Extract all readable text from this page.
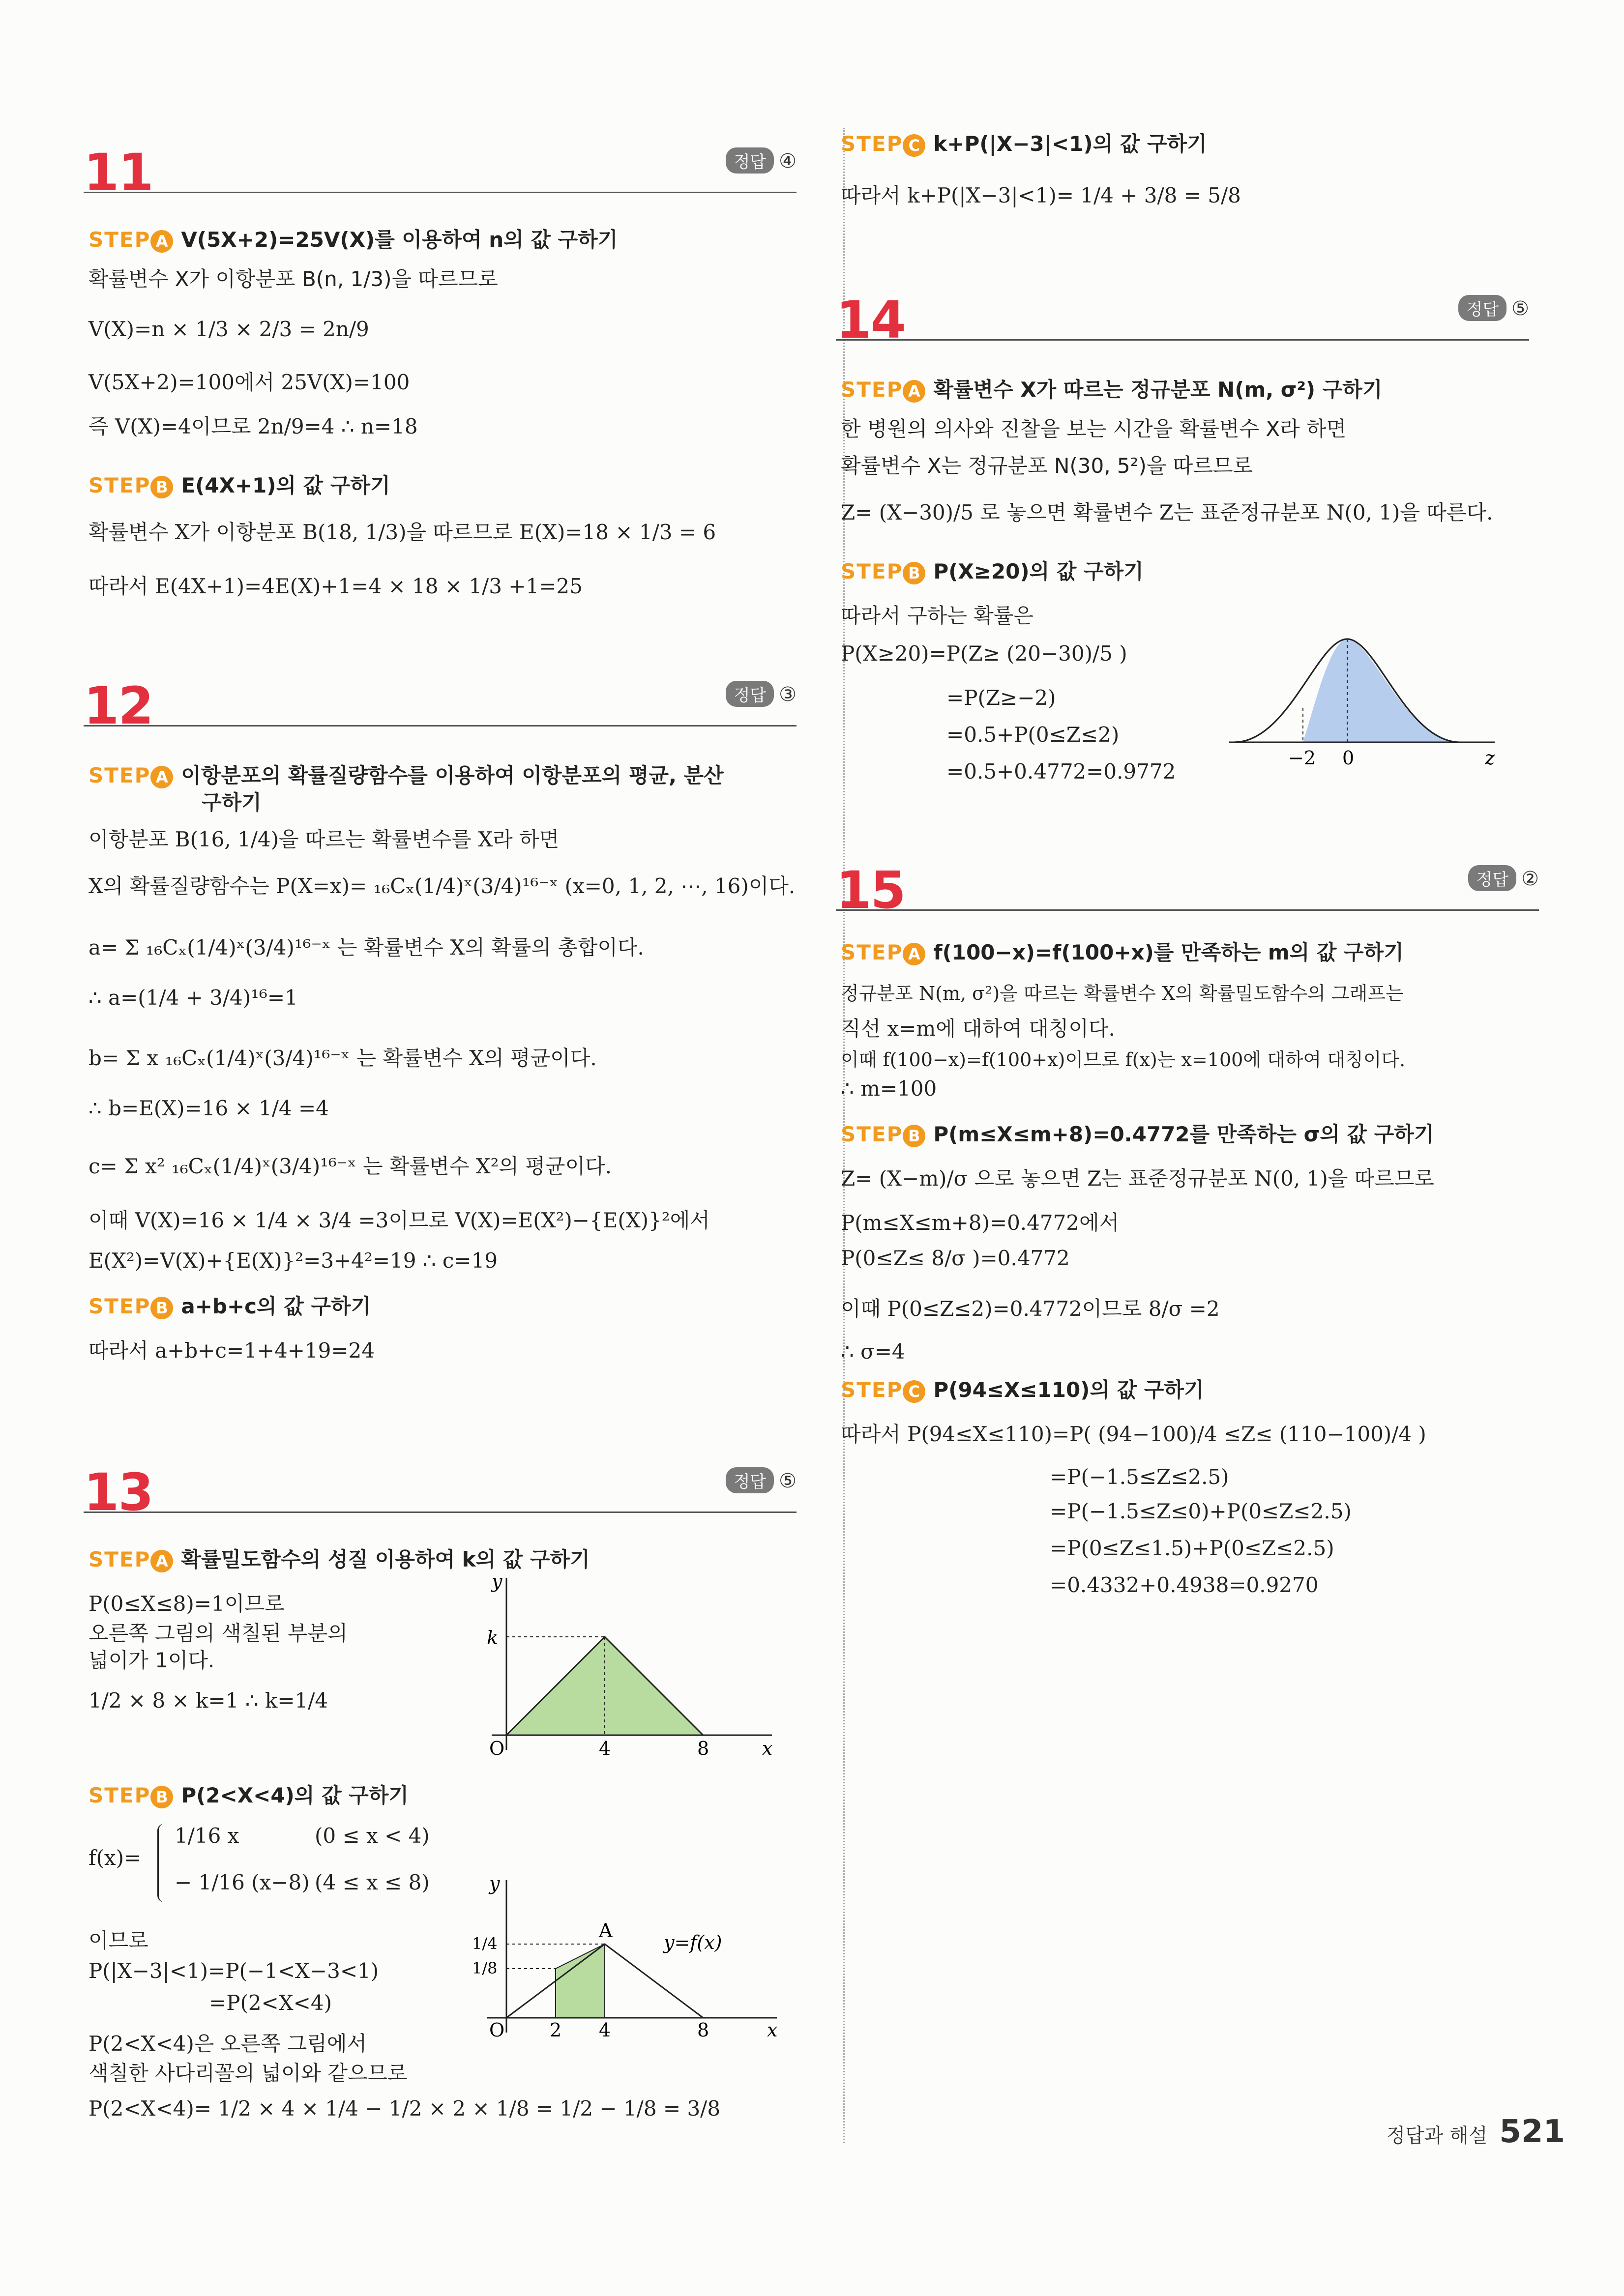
11	정답 ④
STEP A V(5X+2)=25V(X)를 이용하여 n의 값 구하기
확률변수 X가 이항분포 B(n, 1/3)을 따르므로
V(X)=n × 1/3 × 2/3 = 2n/9
V(5X+2)=100에서 25V(X)=100
즉 V(X)=4이므로 2n/9=4 ∴ n=18
STEP B E(4X+1)의 값 구하기
확률변수 X가 이항분포 B(18, 1/3)을 따르므로 E(X)=18 × 1/3 = 6
따라서 E(4X+1)=4E(X)+1=4 × 18 × 1/3 +1=25
12	정답 ③
STEP A 이항분포의 확률질량함수를 이용하여 이항분포의 평균, 분산
구하기
이항분포 B(16, 1/4)을 따르는 확률변수를 X라 하면
X의 확률질량함수는 P(X=x)= ₁₆Cₓ(1/4)ˣ(3/4)¹⁶⁻ˣ (x=0, 1, 2, ⋯, 16)이다.
a= Σ ₁₆Cₓ(1/4)ˣ(3/4)¹⁶⁻ˣ 는 확률변수 X의 확률의 총합이다.
∴ a=(1/4 + 3/4)¹⁶=1
b= Σ x ₁₆Cₓ(1/4)ˣ(3/4)¹⁶⁻ˣ 는 확률변수 X의 평균이다.
∴ b=E(X)=16 × 1/4 =4
c= Σ x² ₁₆Cₓ(1/4)ˣ(3/4)¹⁶⁻ˣ 는 확률변수 X²의 평균이다.
이때 V(X)=16 × 1/4 × 3/4 =3이므로 V(X)=E(X²)−{E(X)}²에서
E(X²)=V(X)+{E(X)}²=3+4²=19 ∴ c=19
STEP B a+b+c의 값 구하기
따라서 a+b+c=1+4+19=24
13	정답 ⑤
STEP A 확률밀도함수의 성질 이용하여 k의 값 구하기
P(0≤X≤8)=1이므로
오른쪽 그림의 색칠된 부분의
넓이가 1이다.
1/2 × 8 × k=1 ∴ k=1/4
y
k
O	4	8	x
STEP B P(2<X<4)의 값 구하기
f(x)=
1/16 x	(0 ≤ x < 4)
− 1/16 (x−8) (4 ≤ x ≤ 8)
이므로
P(|X−3|<1)=P(−1<X−3<1)
=P(2<X<4)
P(2<X<4)은 오른쪽 그림에서
색칠한 사다리꼴의 넓이와 같으므로
P(2<X<4)= 1/2 × 4 × 1/4 − 1/2 × 2 × 1/8 = 1/2 − 1/8 = 3/8
y
1/4
1/8
O 2 4	8	x
A
y=f(x)
STEP C k+P(|X−3|<1)의 값 구하기
따라서 k+P(|X−3|<1)= 1/4 + 3/8 = 5/8
14	정답 ⑤
STEP A 확률변수 X가 따르는 정규분포 N(m, σ²) 구하기
한 병원의 의사와 진찰을 보는 시간을 확률변수 X라 하면
확률변수 X는 정규분포 N(30, 5²)을 따르므로
Z= (X−30)/5 로 놓으면 확률변수 Z는 표준정규분포 N(0, 1)을 따른다.
STEP B P(X≥20)의 값 구하기
따라서 구하는 확률은
P(X≥20)=P(Z≥ (20−30)/5 )
=P(Z≥−2)
=0.5+P(0≤Z≤2)
=0.5+0.4772=0.9772
−2 0	z
15	정답 ②
STEP A f(100−x)=f(100+x)를 만족하는 m의 값 구하기
정규분포 N(m, σ²)을 따르는 확률변수 X의 확률밀도함수의 그래프는
직선 x=m에 대하여 대칭이다.
이때 f(100−x)=f(100+x)이므로 f(x)는 x=100에 대하여 대칭이다.
∴ m=100
STEP B P(m≤X≤m+8)=0.4772를 만족하는 σ의 값 구하기
Z= (X−m)/σ 으로 놓으면 Z는 표준정규분포 N(0, 1)을 따르므로
P(m≤X≤m+8)=0.4772에서
P(0≤Z≤ 8/σ )=0.4772
이때 P(0≤Z≤2)=0.4772이므로 8/σ =2
∴ σ=4
STEP C P(94≤X≤110)의 값 구하기
따라서 P(94≤X≤110)=P( (94−100)/4 ≤Z≤ (110−100)/4 )
=P(−1.5≤Z≤2.5)
=P(−1.5≤Z≤0)+P(0≤Z≤2.5)
=P(0≤Z≤1.5)+P(0≤Z≤2.5)
=0.4332+0.4938=0.9270
정답과 해설 521
